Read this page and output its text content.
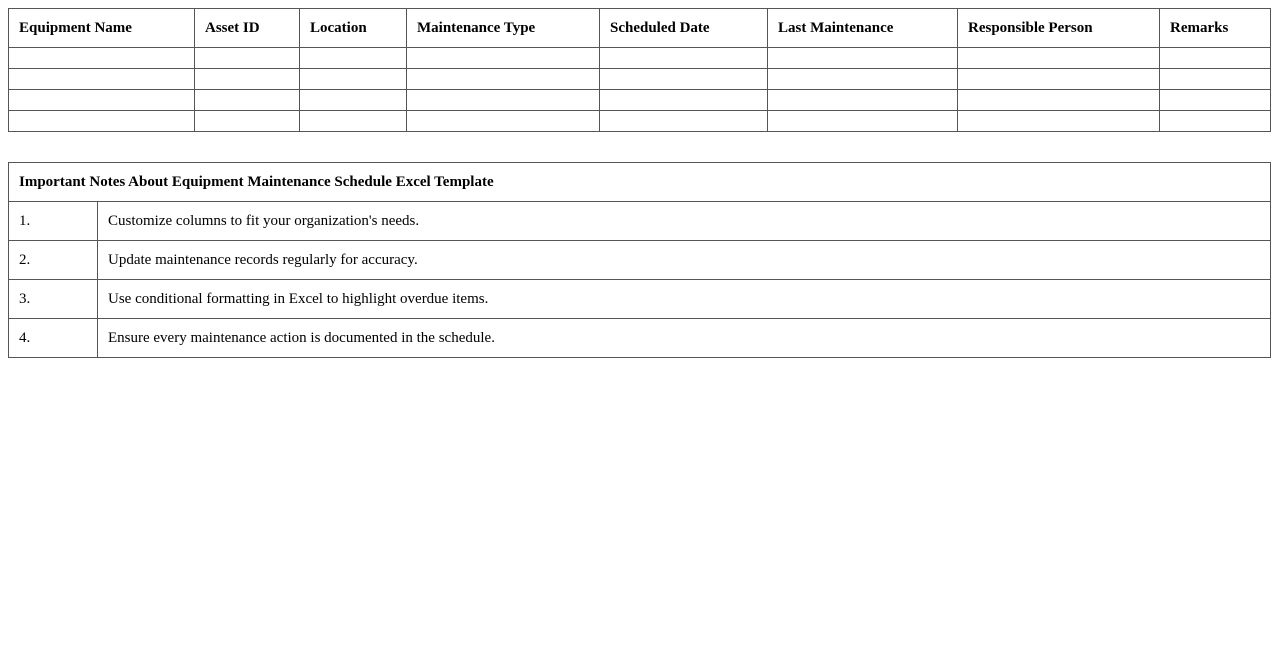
Equipment Name	Asset ID	Location	Maintenance Type	Scheduled Date	Last Maintenance	Responsible Person	Remarks

Important Notes About Equipment Maintenance Schedule Excel Template	
1.	Customize columns to fit your organization's needs.
2.	Update maintenance records regularly for accuracy.
3.	Use conditional formatting in Excel to highlight overdue items.
4.	Ensure every maintenance action is documented in the schedule.
